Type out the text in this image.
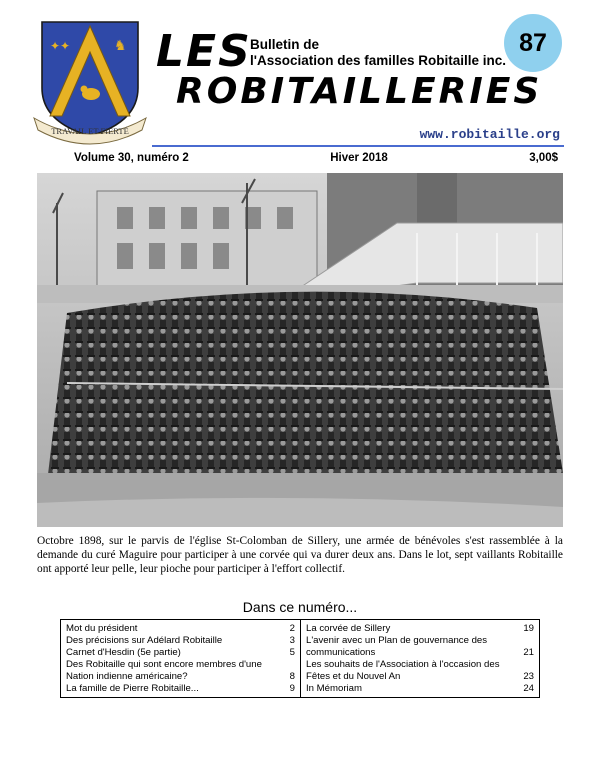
✦✦	♞
TRAVAIL ET FIERTÉ
LES
Bulletin de
l'Association des familles Robitaille inc.
ROBITAILLERIES
87
www.robitaille.org
Volume 30, numéro 2	Hiver 2018	3,00$

Octobre 1898, sur le parvis de l'église St-Colomban de Sillery, une armée de bénévoles s'est rassemblée à la demande du curé Maguire pour participer à une corvée qui va durer deux ans. Dans le lot, sept vaillants Robitaille ont apporté leur pelle, leur pioche pour participer à l'effort collectif.

Dans ce numéro...
Mot du président	2
Des précisions sur Adélard Robitaille	3
Carnet d'Hesdin (5e partie)	5
Des Robitaille qui sont encore membres d'une Nation indienne américaine?	8
La famille de Pierre Robitaille...	9
La corvée de Sillery	19
L'avenir avec un Plan de gouvernance des communications	21
Les souhaits de l'Association à l'occasion des Fêtes et du Nouvel An	23
In Mémoriam	24
